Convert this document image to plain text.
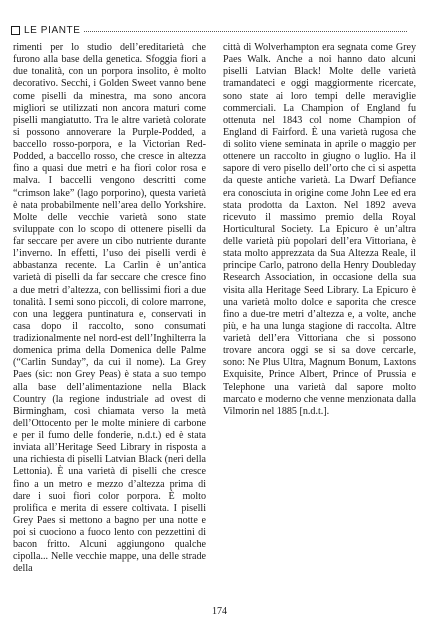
LE PIANTE

rimenti per lo studio dell’ereditarietà che furono alla base della genetica. Sfoggia fiori a due tonalità, con un porpora insolito, è molto decorativo. Secchi, i Golden Sweet vanno bene come piselli da minestra, ma sono ancora migliori se utilizzati non ancora maturi come piselli mangiatutto. Tra le altre varietà colorate si possono annoverare la Purple-Podded, a baccello rosso-porpora, e la Victorian Red-Podded, a baccello rosso, che cresce in altezza fino a quasi due metri e ha fiori color rosa e malva. I baccelli vengono descritti come “crimson lake” (lago porporino), questa varietà è nata probabilmente nell’area dello Yorkshire. Molte delle vecchie varietà sono state sviluppate con lo scopo di ottenere piselli da far seccare per avere un cibo nutriente durante l’inverno. In effetti, l’uso dei piselli verdi è abbastanza recente. La Carlin è un’antica varietà di piselli da far seccare che cresce fino a due metri d’altezza, con bellissimi fiori a due tonalità. I semi sono piccoli, di colore marrone, con una leggera puntinatura e, conservati in casa dopo il raccolto, sono consumati tradizionalmente nel nord-est dell’Inghilterra la domenica prima della Domenica delle Palme (“Carlin Sunday”, da cui il nome). La Grey Paes (sic: non Grey Peas) è stata a suo tempo alla base dell’alimentazione nella Black Country (la regione industriale ad ovest di Birmingham, così chiamata verso la metà dell’Ottocento per le molte miniere di carbone e per il fumo delle fonderie, n.d.t.) ed è stata inviata all’Heritage Seed Library in risposta a una richiesta di piselli Latvian Black (neri della Lettonia). È una varietà di piselli che cresce fino a un metro e mezzo d’altezza prima di dare i suoi fiori color porpora. È molto prolifica e merita di essere coltivata. I piselli Grey Paes si mettono a bagno per una notte e poi si cuociono a fuoco lento con pezzettini di bacon fritto. Alcuni aggiungono qualche cipolla... Nelle vecchie mappe, una delle strade della

città di Wolverhampton era segnata come Grey Paes Walk. Anche a noi hanno dato alcuni piselli Latvian Black! Molte delle varietà tramandateci e oggi maggiormente ricercate, sono state ai loro tempi delle meraviglie commerciali. La Champion of England fu ottenuta nel 1843 col nome Champion of England di Fairford. È una varietà rugosa che di solito viene seminata in aprile o maggio per ottenere un raccolto in giugno o luglio. Ha il sapore di vero pisello dell’orto che ci si aspetta da queste antiche varietà. La Dwarf Defiance era conosciuta in origine come John Lee ed era stata prodotta da Laxton. Nel 1892 aveva ricevuto il massimo premio della Royal Horticultural Society. La Epicuro è un’altra delle varietà più popolari dell’era Vittoriana, è stata molto apprezzata da Sua Altezza Reale, il principe Carlo, patrono della Henry Doubleday Research Association, in occasione della sua visita alla Heritage Seed Library. La Epicuro è una varietà molto dolce e saporita che cresce fino a due-tre metri d’altezza e, a volte, anche più, e ha una lunga stagione di raccolta. Altre varietà dell’era Vittoriana che si possono trovare ancora oggi se si sa dove cercarle, sono: Ne Plus Ultra, Magnum Bonum, Laxtons Exquisite, Prince Albert, Prince of Prussia e Telephone una varietà dal sapore molto marcato e moderno che venne menzionata dalla Vilmorin nel 1885 [n.d.t.].

174
